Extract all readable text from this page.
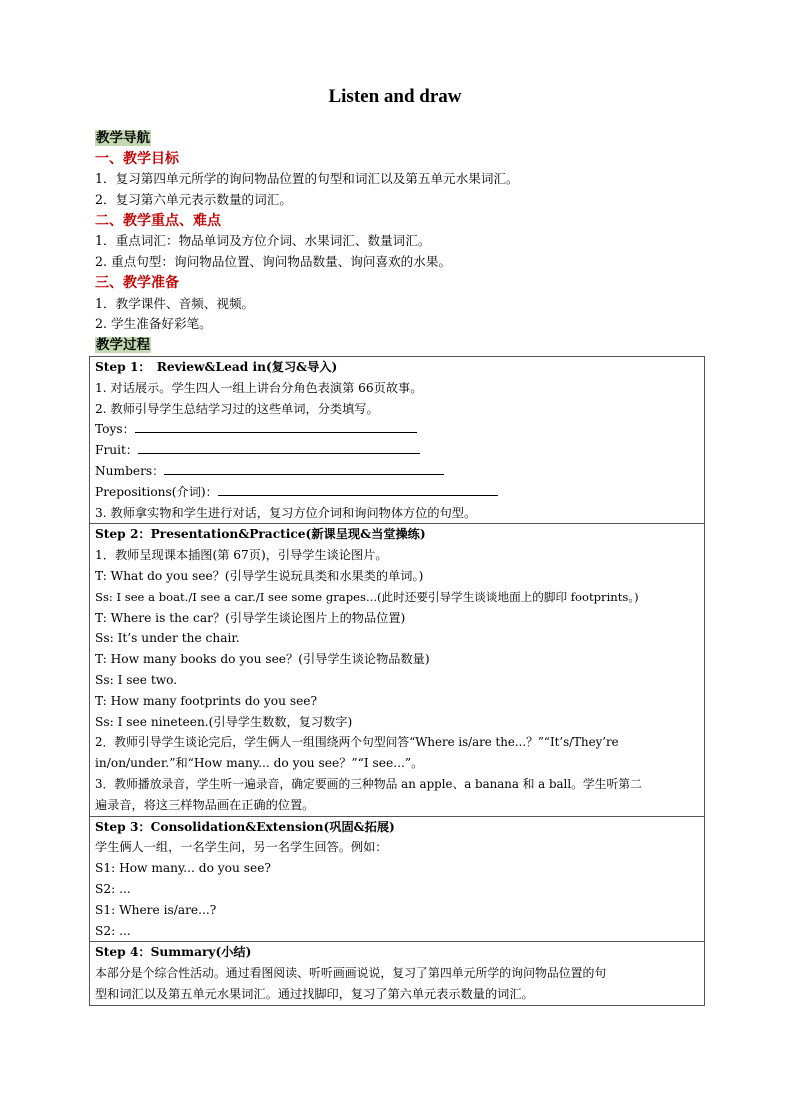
Listen and draw
教学导航
一、教学目标
1．复习第四单元所学的询问物品位置的句型和词汇以及第五单元水果词汇。
2．复习第六单元表示数量的词汇。
二、教学重点、难点
1．重点词汇：物品单词及方位介词、水果词汇、数量词汇。
2. 重点句型：询问物品位置、询问物品数量、询问喜欢的水果。
三、教学准备
1．教学课件、音频、视频。
2. 学生准备好彩笔。
教学过程
Step 1：　Review&Lead in(复习&导入)
1. 对话展示。学生四人一组上讲台分角色表演第 66页故事。
2. 教师引导学生总结学习过的这些单词，分类填写。
Toys：
Fruit：
Numbers：
Prepositions(介词)：
3. 教师拿实物和学生进行对话，复习方位介词和询问物体方位的句型。
Step 2：Presentation&Practice(新课呈现&当堂操练)
1．教师呈现课本插图(第 67页)，引导学生谈论图片。
T: What do you see？(引导学生说玩具类和水果类的单词。)
Ss: I see a boat./I see a car./I see some grapes...(此时还要引导学生谈谈地面上的脚印 footprints。)
T: Where is the car？(引导学生谈论图片上的物品位置)
Ss: It’s under the chair.
T: How many books do you see？(引导学生谈论物品数量)
Ss: I see two.
T: How many footprints do you see?
Ss: I see nineteen.(引导学生数数，复习数字)
2．教师引导学生谈论完后，学生俩人一组围绕两个句型问答“Where is/are the...？”“It’s/They’re
in/on/under.”和“How many... do you see？”“I see...”。
3．教师播放录音，学生听一遍录音，确定要画的三种物品 an apple、a banana 和 a ball。学生听第二
遍录音，将这三样物品画在正确的位置。
Step 3：Consolidation&Extension(巩固&拓展)
学生俩人一组，一名学生问，另一名学生回答。例如：
S1: How many... do you see?
S2: ...
S1: Where is/are...?
S2: ...
Step 4：Summary(小结)
本部分是个综合性活动。通过看图阅读、听听画画说说，复习了第四单元所学的询问物品位置的句
型和词汇以及第五单元水果词汇。通过找脚印，复习了第六单元表示数量的词汇。
